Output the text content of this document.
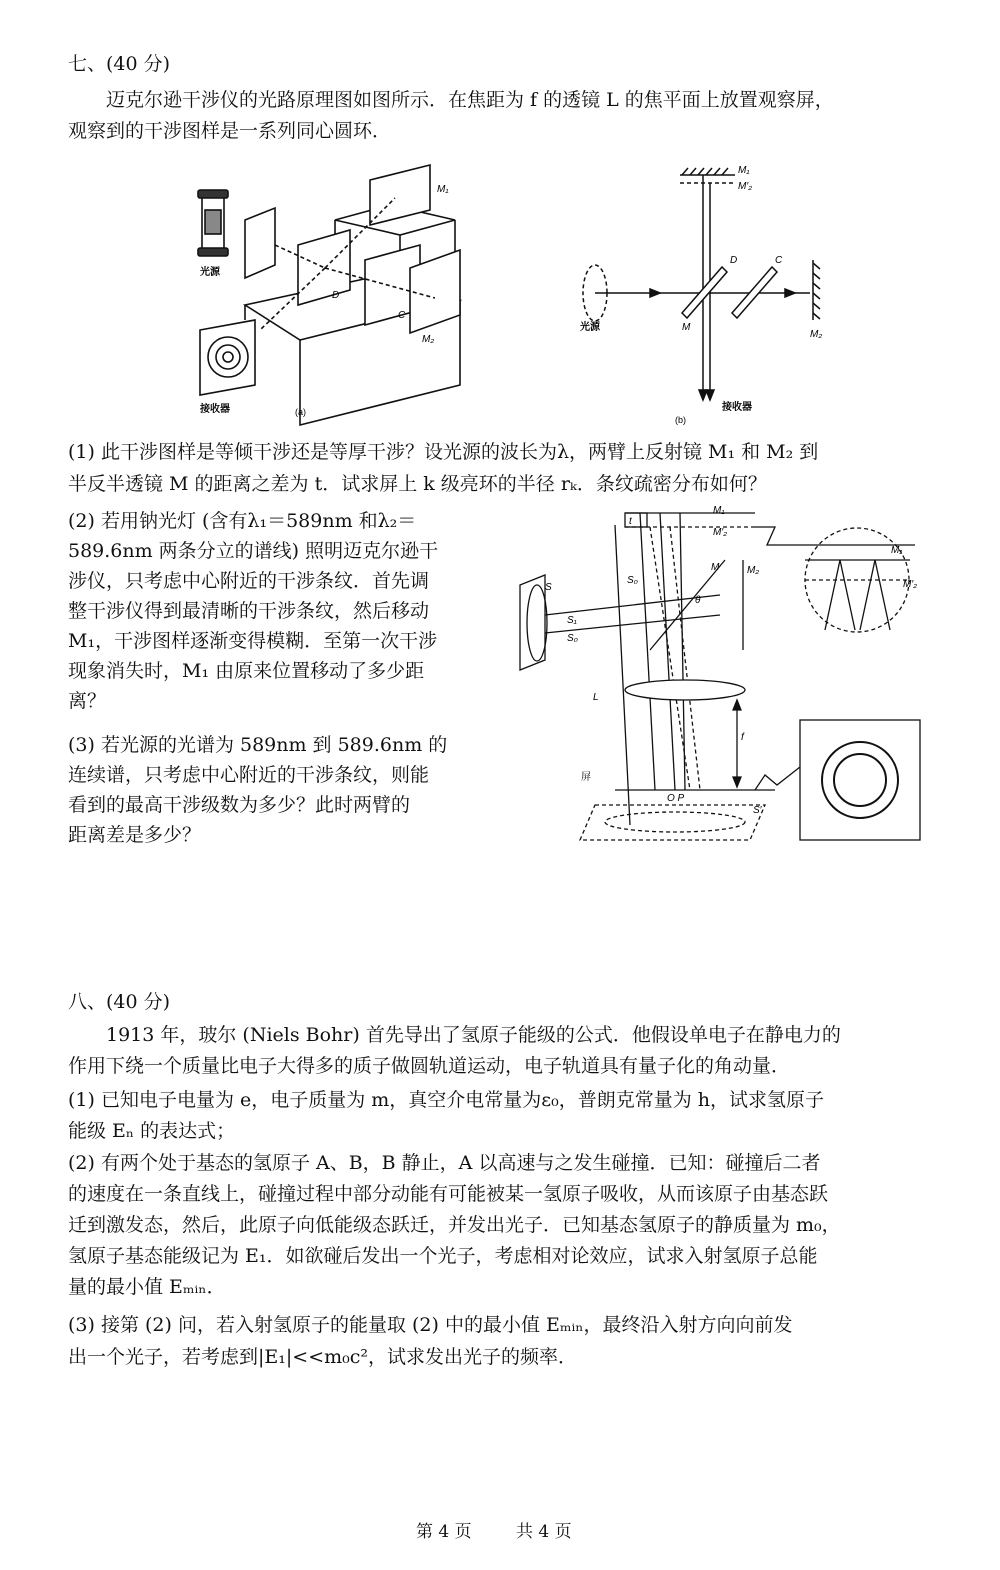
七、(40 分)
迈克尔逊干涉仪的光路原理图如图所示．在焦距为 f 的透镜 L 的焦平面上放置观察屏，
观察到的干涉图样是一系列同心圆环．
光源
接收器
M₁
M₂
D
C
(a)
M₁
M′₂
D	C
M
M₂
光源
接收器
(b)
(1) 此干涉图样是等倾干涉还是等厚干涉？设光源的波长为λ，两臂上反射镜 M₁ 和 M₂ 到
半反半透镜 M 的距离之差为 t．试求屏上 k 级亮环的半径 rₖ．条纹疏密分布如何？
(2) 若用钠光灯 (含有λ₁＝589nm 和λ₂＝
589.6nm 两条分立的谱线) 照明迈克尔逊干
涉仪，只考虑中心附近的干涉条纹．首先调
整干涉仪得到最清晰的干涉条纹，然后移动
M₁，干涉图样逐渐变得模糊．至第一次干涉
现象消失时，M₁ 由原来位置移动了多少距
离？
(3) 若光源的光谱为 589nm 到 589.6nm 的
连续谱，只考虑中心附近的干涉条纹，则能
看到的最高干涉级数为多少？此时两臂的
距离差是多少？
t
M₁
M′₂
S
S₀
S₁
S₀
M	M₂
θ
L
f
O P
S′
M₁
M′₂
屏
八、(40 分)
1913 年，玻尔 (Niels Bohr) 首先导出了氢原子能级的公式．他假设单电子在静电力的
作用下绕一个质量比电子大得多的质子做圆轨道运动，电子轨道具有量子化的角动量．
(1) 已知电子电量为 e，电子质量为 m，真空介电常量为ε₀，普朗克常量为 h，试求氢原子
能级 Eₙ 的表达式；
(2) 有两个处于基态的氢原子 A、B，B 静止，A 以高速与之发生碰撞．已知：碰撞后二者
的速度在一条直线上，碰撞过程中部分动能有可能被某一氢原子吸收，从而该原子由基态跃
迁到激发态，然后，此原子向低能级态跃迁，并发出光子．已知基态氢原子的静质量为 m₀，
氢原子基态能级记为 E₁．如欲碰后发出一个光子，考虑相对论效应，试求入射氢原子总能
量的最小值 Eₘᵢₙ．
(3) 接第 (2) 问，若入射氢原子的能量取 (2) 中的最小值 Eₘᵢₙ，最终沿入射方向向前发
出一个光子，若考虑到|E₁|<<m₀c²，试求发出光子的频率．
第 4 页	共 4 页
